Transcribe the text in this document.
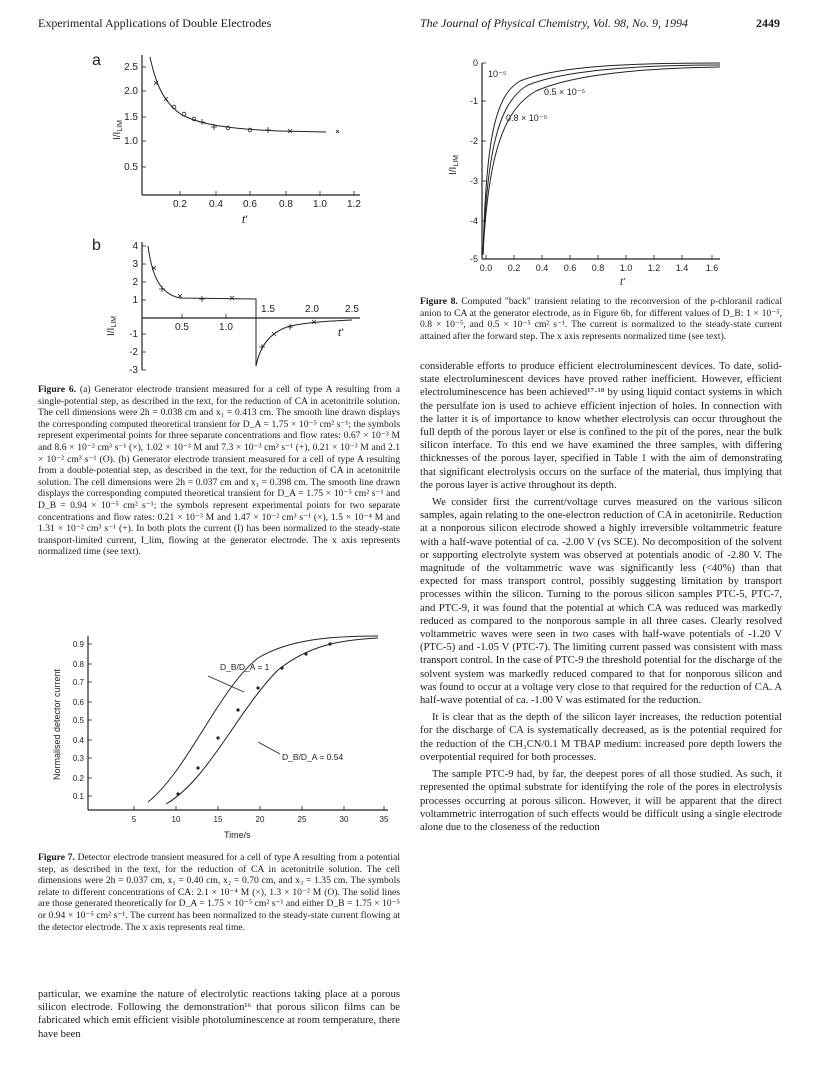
Experimental Applications of Double Electrodes	The Journal of Physical Chemistry, Vol. 98, No. 9, 1994	2449
a 2.5
2.0
1.5
1.0
0.5
0.2 0.4 0.6 0.8 1.0 1.2
t'
$I/I_{LIM}$
b	4
3
2
1
-1
-2
-3
0.5	1.0
1.5	2.0	2.5
t'
$I/I_{LIM}$
Figure 6. (a) Generator electrode transient measured for a cell of type A resulting from a single-potential step, as described in the text, for the reduction of CA in acetonitrile solution. The cell dimensions were 2h = 0.038 cm and x₁ = 0.413 cm. The smooth line drawn displays the corresponding computed theoretical transient for D_A = 1.75 × 10⁻⁵ cm² s⁻¹; the symbols represent experimental points for three separate concentrations and flow rates: 0.67 × 10⁻³ M and 8.6 × 10⁻² cm³ s⁻¹ (×), 1.02 × 10⁻³ M and 7.3 × 10⁻³ cm³ s⁻¹ (+), 0.21 × 10⁻³ M and 2.1 × 10⁻² cm³ s⁻¹ (O). (b) Generator electrode transient measured for a cell of type A resulting from a double-potential step, as described in the text, for the reduction of CA in acetonitrile solution. The cell dimensions were 2h = 0.037 cm and x₁ = 0.398 cm. The smooth line drawn displays the corresponding computed theoretical transient for D_A = 1.75 × 10⁻⁵ cm² s⁻¹ and D_B = 0.94 × 10⁻⁵ cm² s⁻¹; the symbols represent experimental points for two separate concentrations and flow rates: 0.21 × 10⁻³ M and 1.47 × 10⁻² cm³ s⁻¹ (×), 1.5 × 10⁻⁴ M and 1.31 × 10⁻² cm³ s⁻¹ (+). In both plots the current (I) has been normalized to the steady-state transport-limited current, I_lim, flowing at the generator electrode. The x axis represents normalized time (see text).
0.9
0.8
0.7
0.6
0.5
0.4
0.3
0.2
0.1
5	10	15	20	25	30	35
Time/s
Normalised detector current
D_B/D_A = 1
D_B/D_A = 0.54
Figure 7. Detector electrode transient measured for a cell of type A resulting from a potential step, as described in the text, for the reduction of CA in acetonitrile solution. The cell dimensions were 2h = 0.037 cm, x₁ = 0.40 cm, x₂ = 0.70 cm, and x₃ = 1.35 cm. The symbols relate to different concentrations of CA: 2.1 × 10⁻⁴ M (×), 1.3 × 10⁻² M (O). The solid lines are those generated theoretically for D_A = 1.75 × 10⁻⁵ cm² s⁻¹ and either D_B = 1.75 × 10⁻⁵ or 0.94 × 10⁻⁵ cm² s⁻¹. The current has been normalized to the steady-state current flowing at the detector electrode. The x axis represents real time.

particular, we examine the nature of electrolytic reactions taking place at a porous silicon electrode. Following the demonstration¹⁶ that porous silicon films can be fabricated which emit efficient visible photoluminescence at room temperature, there have been

0
-1
-2
-3
-4
-5
0.0 0.2 0.4 0.6 0.8 1.0 1.2 1.4 1.6
t'
$I/I_{LIM}$
10⁻⁵
0.5 × 10⁻⁵
0.8 × 10⁻⁵
Figure 8. Computed "back" transient relating to the reconversion of the p-chloranil radical anion to CA at the generator electrode, as in Figure 6b, for different values of D_B: 1 × 10⁻⁵, 0.8 × 10⁻⁵, and 0.5 × 10⁻⁵ cm² s⁻¹. The current is normalized to the steady-state current attained after the forward step. The x axis represents normalized time (see text).

considerable efforts to produce efficient electroluminescent devices. To date, solid-state electroluminescent devices have proved rather inefficient. However, efficient electroluminescence has been achieved¹⁷·¹⁸ by using liquid contact systems in which the persulfate ion is used to achieve efficient injection of holes. In connection with the latter it is of importance to know whether electrolysis can occur throughout the full depth of the porous layer or else is confined to the pit of the pores, near the bulk silicon interface. To this end we have examined the three samples, with differing thicknesses of the porous layer, specified in Table 1 with the aim of demonstrating that significant electrolysis occurs on the surface of the material, thus implying that the porous layer is active throughout its depth.

We consider first the current/voltage curves measured on the various silicon samples, again relating to the one-electron reduction of CA in acetonitrile. Reduction at a nonporous silicon electrode showed a highly irreversible voltammetric feature with a half-wave potential of ca. -2.00 V (vs SCE). No decomposition of the solvent or supporting electrolyte system was observed at potentials anodic of -2.80 V. The magnitude of the voltammetric wave was significantly less (<40%) than that expected for mass transport control, possibly suggesting limitation by transport processes within the silicon. Turning to the porous silicon samples PTC-5, PTC-7, and PTC-9, it was found that the potential at which CA was reduced was markedly reduced as compared to the nonporous sample in all three cases. Clearly resolved voltammetric waves were seen in two cases with half-wave potentials of -1.20 V (PTC-5) and -1.05 V (PTC-7). The limiting current passed was consistent with mass transport control. In the case of PTC-9 the threshold potential for the discharge of the solvent system was markedly reduced compared to that for nonporous silicon and was found to occur at a voltage very close to that required for the reduction of CA. A half-wave potential of ca. -1.00 V was estimated for the reduction.

It is clear that as the depth of the silicon layer increases, the reduction potential for the discharge of CA is systematically decreased, as is the potential required for the reduction of the CH₃CN/0.1 M TBAP medium: increased pore depth lowers the overpotential required for both processes.

The sample PTC-9 had, by far, the deepest pores of all those studied. As such, it represented the optimal substrate for identifying the role of the pores in electrolysis processes occurring at porous silicon. However, it will be apparent that the direct voltammetric interrogation of such effects would be difficult using a single electrode alone due to the closeness of the reduction
